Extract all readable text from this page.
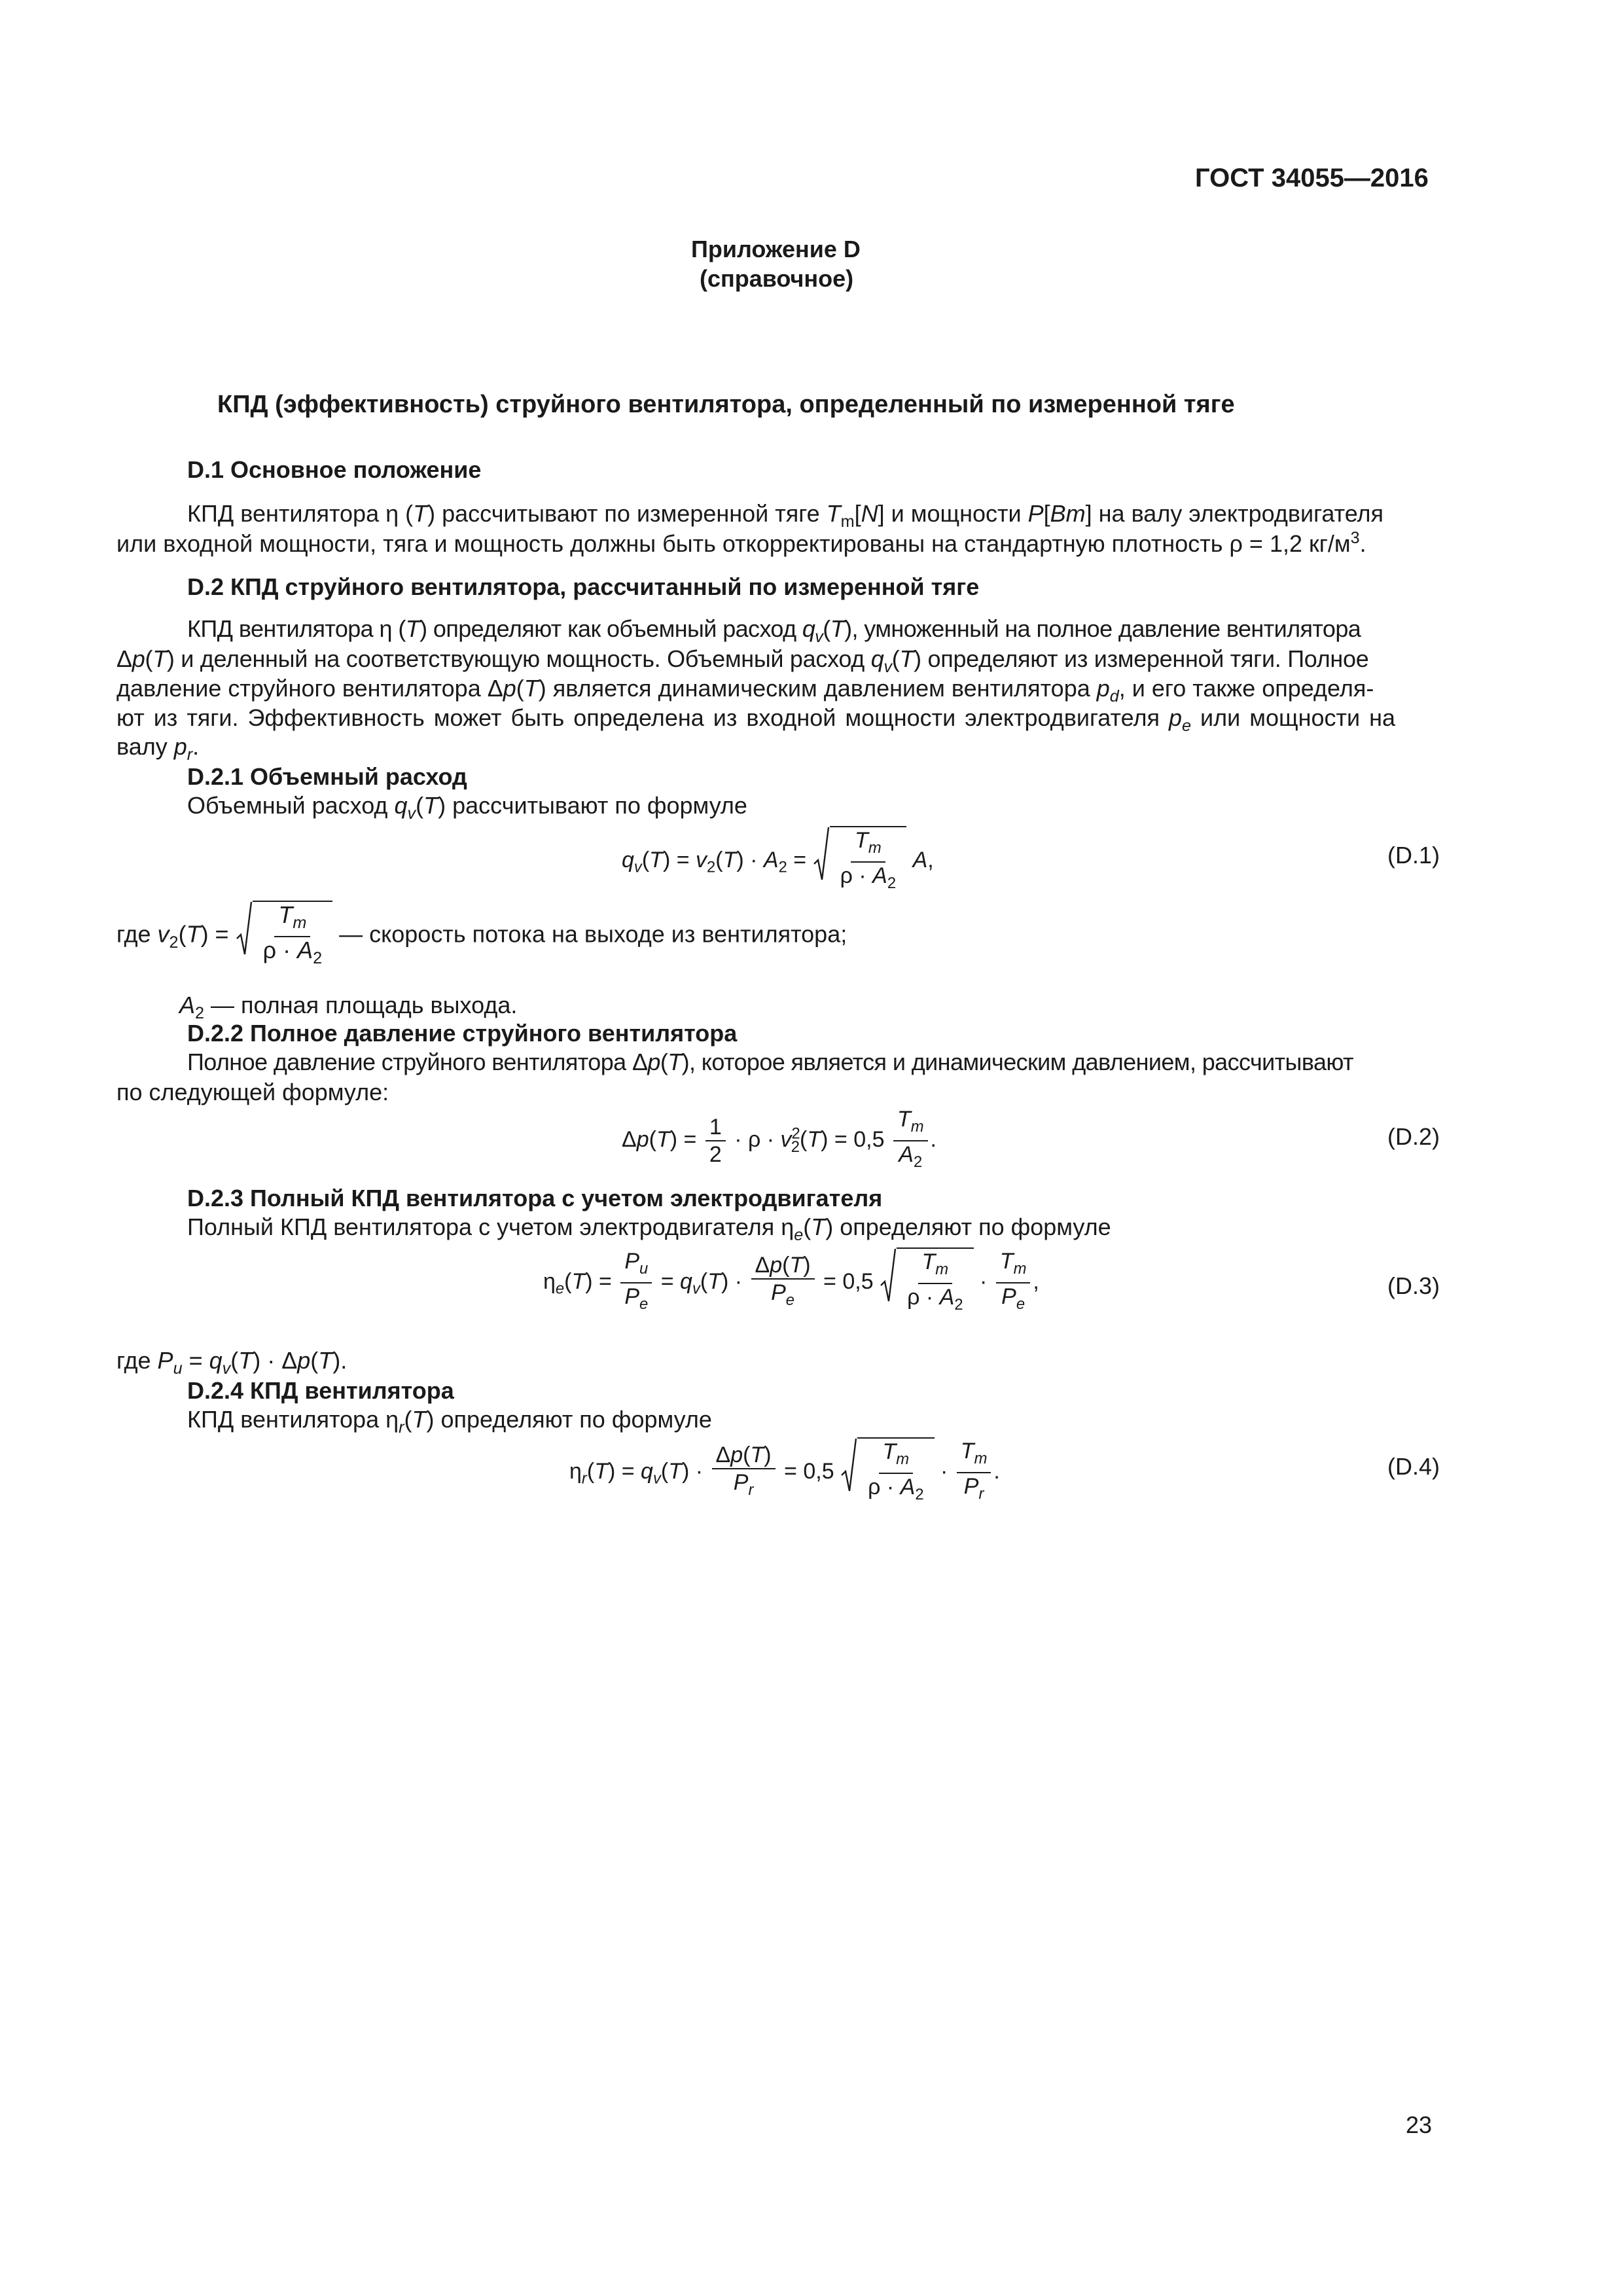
ГОСТ 34055—2016
Приложение D
(справочное)
КПД (эффективность) струйного вентилятора, определенный по измеренной тяге
D.1 Основное положение
КПД вентилятора η (T) рассчитывают по измеренной тяге $T_m[N]$ и мощности P[Bm] на валу электродвигателя
или входной мощности, тяга и мощность должны быть откорректированы на стандартную плотность ρ = 1,2 $кг/м^3$.
D.2 КПД струйного вентилятора, рассчитанный по измеренной тяге
КПД вентилятора η (T) определяют как объемный расход $q_v(T)$, умноженный на полное давление вентилятора
Δp(T) и деленный на соответствующую мощность. Объемный расход $q_v(T)$ определяют из измеренной тяги. Полное
давление струйного вентилятора Δp(T) является динамическим давлением вентилятора $p_d$, и его также определя-
ют из тяги. Эффективность может быть определена из входной мощности электродвигателя $p_e$ или мощности на
валу $p_r$.
D.2.1 Объемный расход
Объемный расход $q_v(T)$ рассчитывают по формуле
$q_v(T) = v_2(T) \cdot A_2 = \frac{T_m}{\rho \cdot A_2} A$,	(D.1)
где $v_2(T) = \frac{T_m}{\rho \cdot A_2}$ — скорость потока на выходе из вентилятора;
$A_2$ — полная площадь выхода.
D.2.2 Полное давление струйного вентилятора
Полное давление струйного вентилятора Δp(T), которое является и динамическим давлением, рассчитывают
по следующей формуле:
$\Delta p(T) = \frac{1}{2} \cdot \rho \cdot v^2_2(T) = 0,5 \frac{T_m}{A_2}$ .	(D.2)
D.2.3 Полный КПД вентилятора с учетом электродвигателя
Полный КПД вентилятора с учетом электродвигателя $\eta_e(T)$ определяют по формуле
$\eta_e(T) = \frac{P_u}{P_e} = q_v(T) \cdot \frac{\Delta p(T)}{P_e} = 0,5 \frac{T_m}{\rho \cdot A_2} \cdot \frac{T_m}{P_e}$ ,	(D.3)
где $P_u = q_v(T) \cdot \Delta p(T)$.
D.2.4 КПД вентилятора
КПД вентилятора $\eta_r(T)$ определяют по формуле
$\eta_r(T) = q_v(T) \cdot \frac{\Delta p(T)}{P_r} = 0,5 \frac{T_m}{\rho \cdot A_2} \cdot \frac{T_m}{P_r}$ .	(D.4)
23
